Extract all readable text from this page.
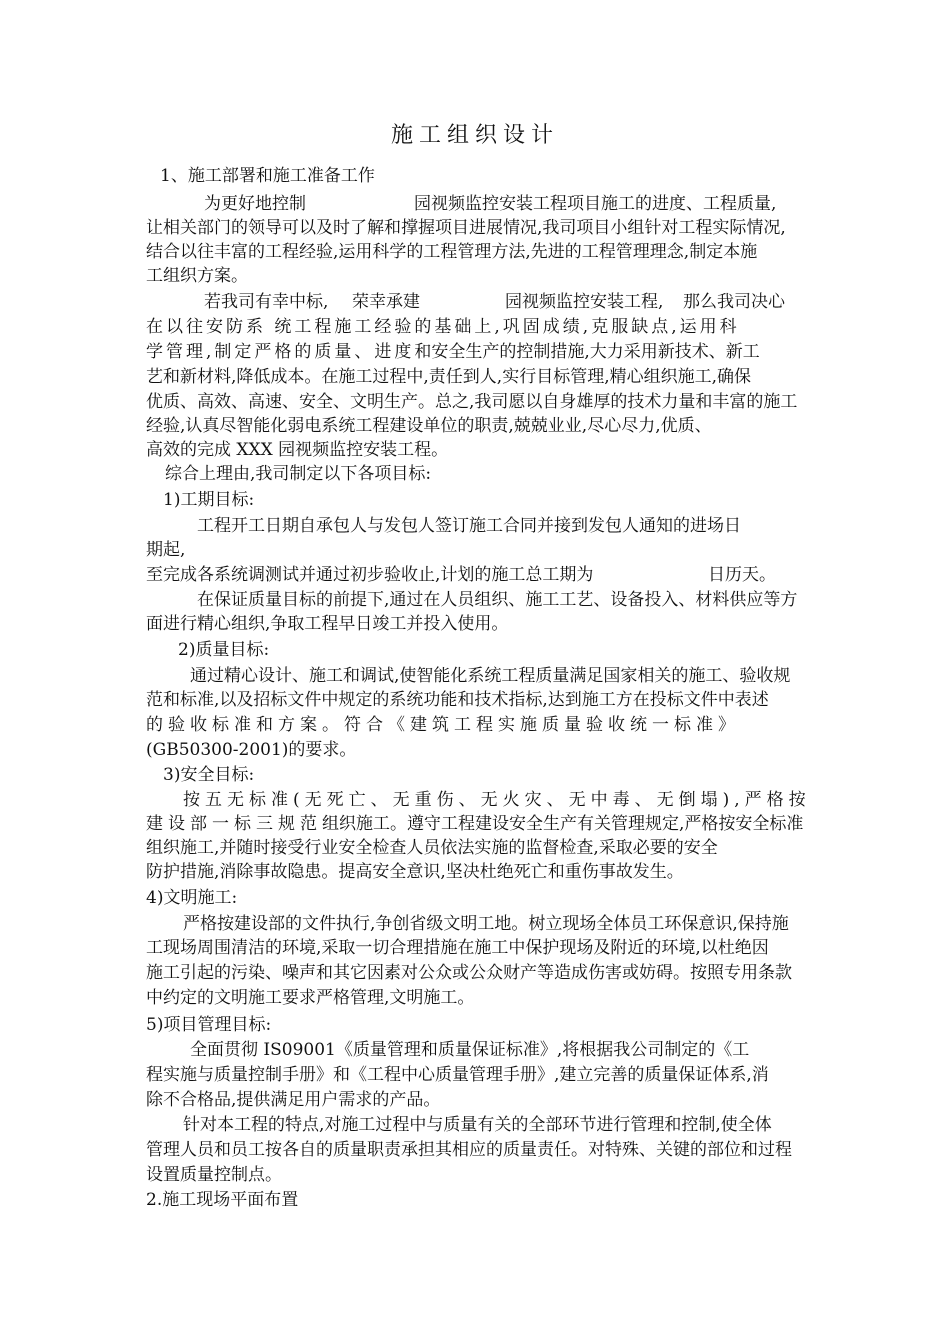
施工组织设计
1、施工部署和施工准备工作
为更好地控制	园视频监控安装工程项目施工的进度、工程质量,
让相关部门的领导可以及时了解和撑握项目进展情况,我司项目小组针对工程实际情况,
结合以往丰富的工程经验,运用科学的工程管理方法,先进的工程管理理念,制定本施
工组织方案。
若我司有幸中标, 荣幸承建	园视频监控安装工程, 那么我司决心
在以往安防系 统工程施工经验的基础上,巩固成绩,克服缺点,运用科
学管理,制定严格的质量、进度和安全生产的控制措施,大力采用新技术、新工
艺和新材料,降低成本。在施工过程中,责任到人,实行目标管理,精心组织施工,确保
优质、高效、高速、安全、文明生产。总之,我司愿以自身雄厚的技术力量和丰富的施工
经验,认真尽智能化弱电系统工程建设单位的职责,兢兢业业,尽心尽力,优质、
高效的完成 XXX 园视频监控安装工程。
综合上理由,我司制定以下各项目标:
1)工期目标:
工程开工日期自承包人与发包人签订施工合同并接到发包人通知的进场日
期起,
至完成各系统调测试并通过初步验收止,计划的施工总工期为	日历天。
在保证质量目标的前提下,通过在人员组织、施工工艺、设备投入、材料供应等方
面进行精心组织,争取工程早日竣工并投入使用。
2)质量目标:
通过精心设计、施工和调试,使智能化系统工程质量满足国家相关的施工、验收规
范和标准,以及招标文件中规定的系统功能和技术指标,达到施工方在投标文件中表述
的验收标准和方案。符合《建筑工程实施质量验收统一标准》
(GB50300-2001)的要求。
3)安全目标:
按五无标准(无死亡、无重伤、无火灾、无中毒、无倒塌),严格按
建设部一标三规范组织施工。遵守工程建设安全生产有关管理规定,严格按安全标准
组织施工,并随时接受行业安全检查人员依法实施的监督检查,采取必要的安全
防护措施,消除事故隐患。提高安全意识,坚决杜绝死亡和重伤事故发生。
4)文明施工:
严格按建设部的文件执行,争创省级文明工地。树立现场全体员工环保意识,保持施
工现场周围清洁的环境,采取一切合理措施在施工中保护现场及附近的环境,以杜绝因
施工引起的污染、噪声和其它因素对公众或公众财产等造成伤害或妨碍。按照专用条款
中约定的文明施工要求严格管理,文明施工。
5)项目管理目标:
全面贯彻 IS09001《质量管理和质量保证标准》,将根据我公司制定的《工
程实施与质量控制手册》和《工程中心质量管理手册》,建立完善的质量保证体系,消
除不合格品,提供满足用户需求的产品。
针对本工程的特点,对施工过程中与质量有关的全部环节进行管理和控制,使全体
管理人员和员工按各自的质量职责承担其相应的质量责任。对特殊、关键的部位和过程
设置质量控制点。
2.施工现场平面布置
